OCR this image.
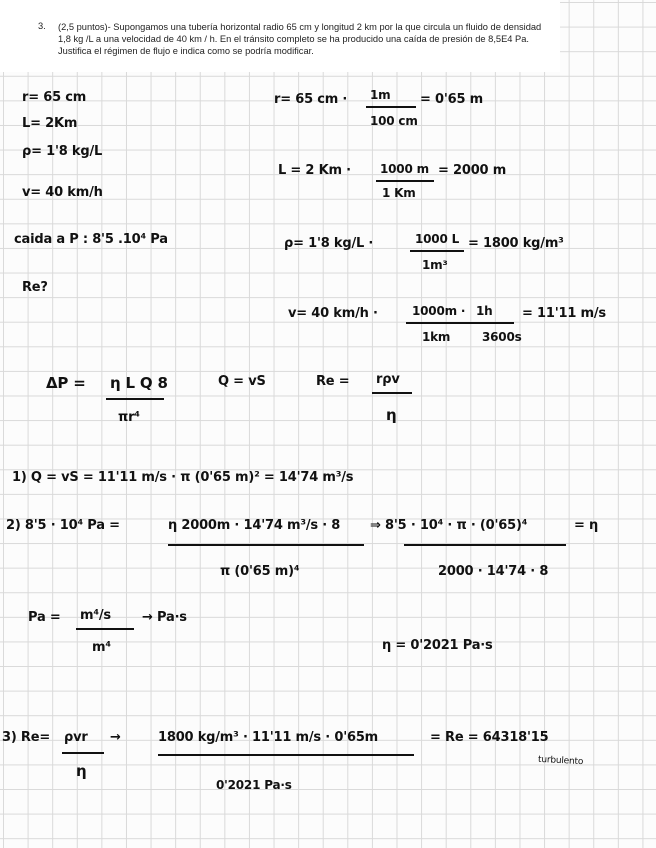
3. (2,5 puntos)- Supongamos una tubería horizontal radio 65 cm y longitud 2 km por la que circula un fluido de densidad 1,8 kg /L a una velocidad de 40 km / h. En el tránsito completo se ha producido una caída de presión de 8,5E4 Pa. Justifica el régimen de flujo e indica como se podría modificar.
r= 65 cm
L= 2Km
ρ= 1'8 kg/L
v= 40 km/h
caida a P : 8'5 .10⁴ Pa
Re?
r= 65 cm · 1m
100 cm
= 0'65 m
L = 2 Km · 1000 m
1 Km
= 2000 m
ρ= 1'8 kg/L ·	1000 L
1m³
= 1800 kg/m³
v= 40 km/h ·	1000m · 1h
1km	3600s
= 11'11 m/s
ΔP = η L Q 8
πr⁴
Q = vS	Re = rρv
η
1) Q = vS = 11'11 m/s · π (0'65 m)² = 14'74 m³/s
2) 8'5 · 10⁴ Pa =	η 2000m · 14'74 m³/s · 8
π (0'65 m)⁴
⇒ 8'5 · 10⁴ · π · (0'65)⁴	= η
2000 · 14'74 · 8
Pa = m⁴/s
m⁴
→ Pa·s
η = 0'2021 Pa·s
3) Re= ρvr
η
→	1800 kg/m³ · 11'11 m/s · 0'65m
0'2021 Pa·s
= Re = 64318'15
turbulento
